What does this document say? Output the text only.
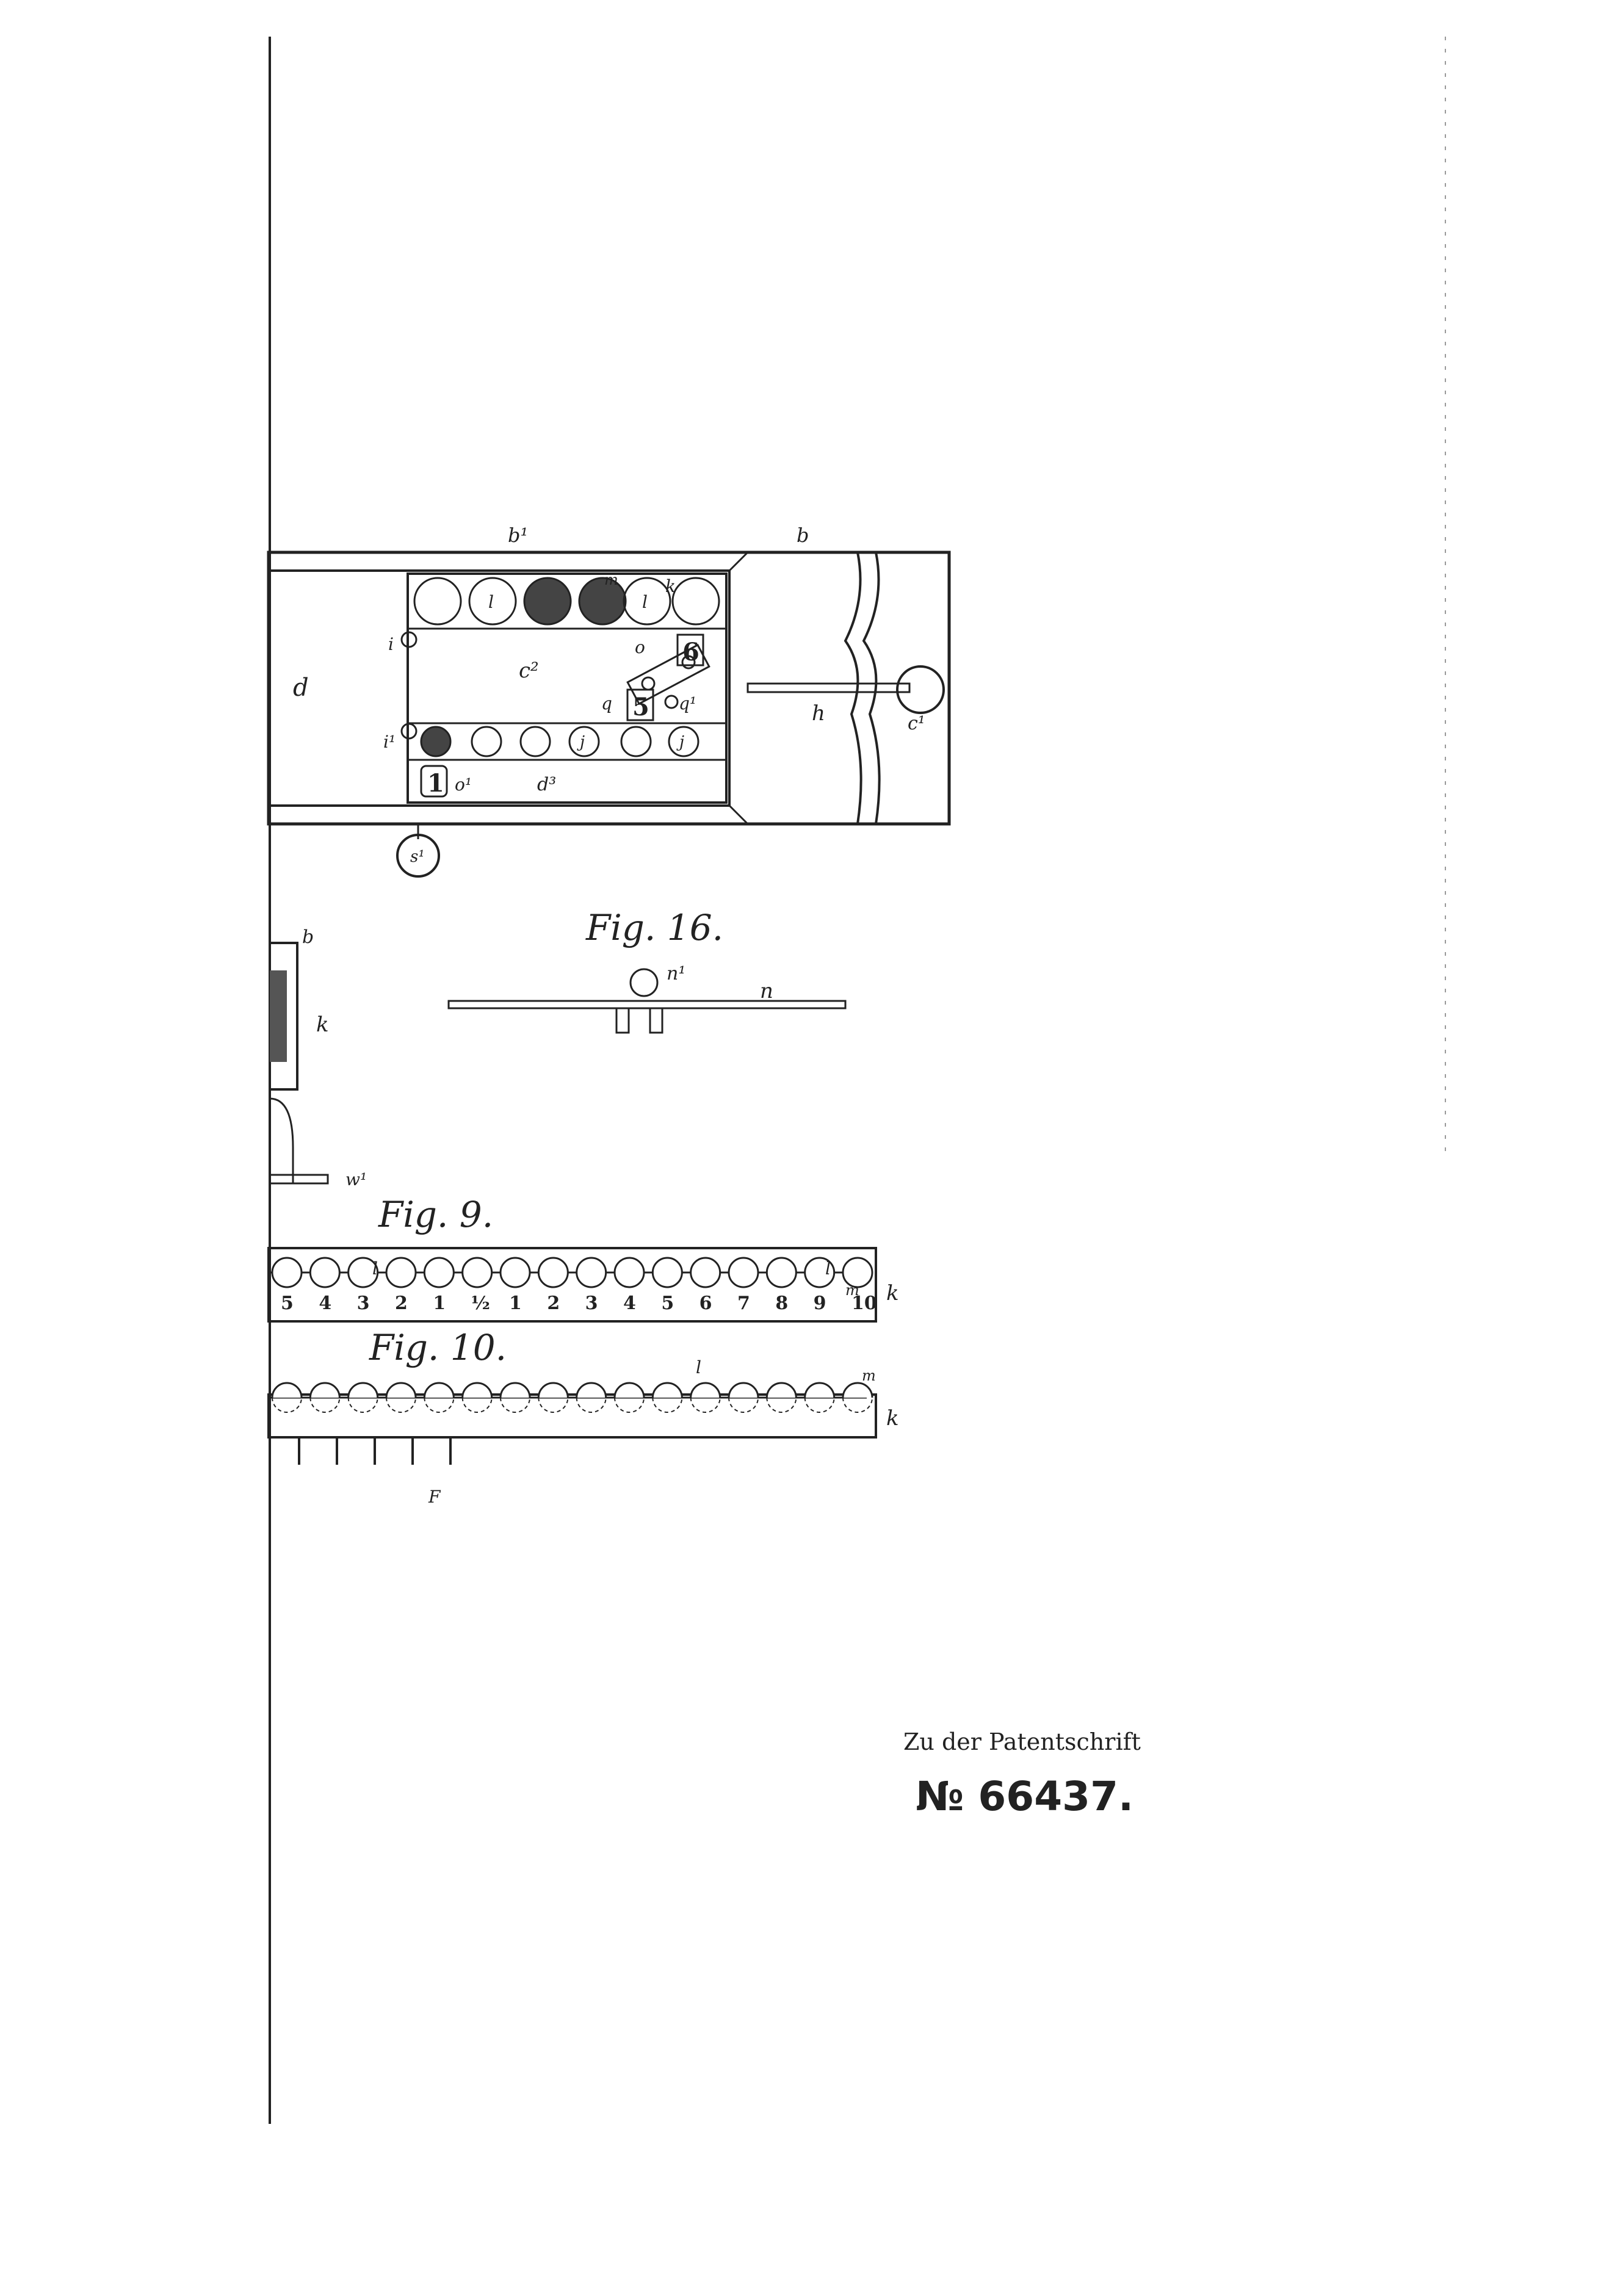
6
5
1
b¹	b
d
c²
c¹
h
i
i¹
l
m
l
k
o
q	q¹
o¹	d³
s¹
j	j
b
k
w¹
Fig. 16.
n¹
n
Fig. 9.
5 4 3 2 1 ½ 1 2 3 4 5 6 7 8 9 10
l	l
m k
Fig. 10.	l	m
k
F
Zu der Patentschrift
№ 66437.
